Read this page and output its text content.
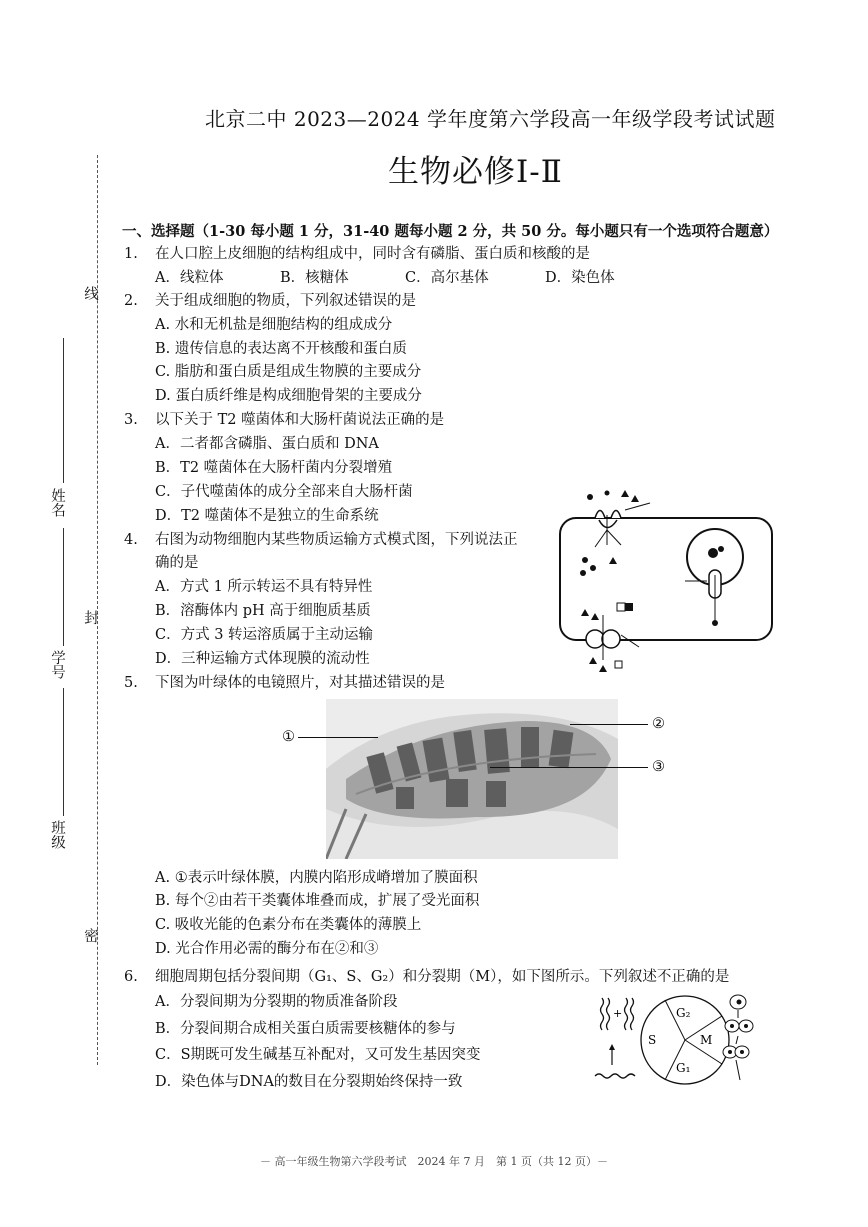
北京二中 2023—2024 学年度第六学段高一年级学段考试试题
生物必修Ⅰ-Ⅱ
线
封
密
姓名
学号
班级
一、选择题（1-30 每小题 1 分，31-40 题每小题 2 分，共 50 分。每小题只有一个选项符合题意）
1. 在人口腔上皮细胞的结构组成中，同时含有磷脂、蛋白质和核酸的是
A．线粒体	B．核糖体	C．高尔基体	D．染色体
2. 关于组成细胞的物质，下列叙述错误的是
A. 水和无机盐是细胞结构的组成成分
B. 遗传信息的表达离不开核酸和蛋白质
C. 脂肪和蛋白质是组成生物膜的主要成分
D. 蛋白质纤维是构成细胞骨架的主要成分
3. 以下关于 T2 噬菌体和大肠杆菌说法正确的是
A．二者都含磷脂、蛋白质和 DNA
B．T2 噬菌体在大肠杆菌内分裂增殖
C．子代噬菌体的成分全部来自大肠杆菌
D．T2 噬菌体不是独立的生命系统
4. 右图为动物细胞内某些物质运输方式模式图，下列说法正
确的是
A．方式 1 所示转运不具有特异性
B．溶酶体内 pH 高于细胞质基质
C．方式 3 转运溶质属于主动运输
D．三种运输方式体现膜的流动性
5. 下图为叶绿体的电镜照片，对其描述错误的是
①
②
③
A. ①表示叶绿体膜，内膜内陷形成嵴增加了膜面积
B. 每个②由若干类囊体堆叠而成，扩展了受光面积
C. 吸收光能的色素分布在类囊体的薄膜上
D. 光合作用必需的酶分布在②和③
6. 细胞周期包括分裂间期（G₁、S、G₂）和分裂期（M），如下图所示。下列叙述不正确的是
A．分裂间期为分裂期的物质准备阶段
B．分裂间期合成相关蛋白质需要核糖体的参与
C．S期既可发生碱基互补配对，又可发生基因突变
D．染色体与DNA的数目在分裂期始终保持一致
+	G₂
S	M
G₁
－ 高一年级生物第六学段考试　2024 年 7 月　第 1 页（共 12 页）－
